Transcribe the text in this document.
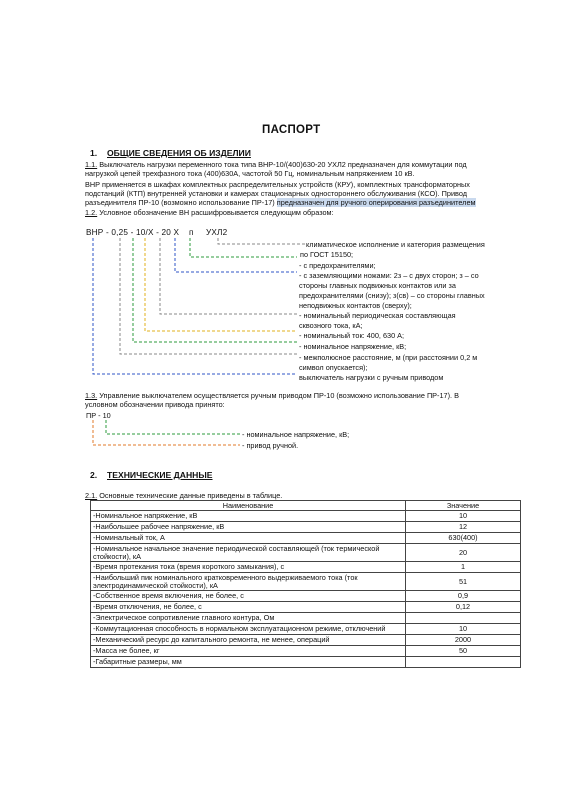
ПАСПОРТ
1. ОБЩИЕ СВЕДЕНИЯ ОБ ИЗДЕЛИИ
1.1. Выключатель нагрузки переменного тока типа ВНР-10/(400)630-20 УХЛ2 предназначен для коммутации под
нагрузкой цепей трехфазного тока (400)630А, частотой 50 Гц, номинальным напряжением 10 кВ.
ВНР применяется в шкафах комплектных распределительных устройств (КРУ), комплектных трансформаторных
подстанций (КТП) внутренней установки и камерах стационарных одностороннего обслуживания (КСО). Привод
разъединителя ПР-10 (возможно использование ПР-17) предназначен для ручного оперирования разъединителем
1.2. Условное обозначение ВН расшифровывается следующим образом:
ВНР - 0,25 - 10/Х - 20 Х п УХЛ2
климатическое исполнение и категория размещения
по ГОСТ 15150;
- с предохранителями;
- с заземляющими ножами: 2з – с двух сторон; з – со
стороны главных подвижных контактов или за
предохранителями (снизу); з(св) – со стороны главных
неподвижных контактов (сверху);
- номинальный периодическая составляющая
сквозного тока, кА;
- номинальный ток: 400, 630 А;
- номинальное напряжение, кВ;
- межполюсное расстояние, м (при расстоянии 0,2 м
символ опускается);
выключатель нагрузки с ручным приводом
1.3. Управление выключателем осуществляется ручным приводом ПР-10 (возможно использование ПР-17). В
условном обозначении привода принято:
ПР - 10
- номинальное напряжение, кВ;
- привод ручной.
2. ТЕХНИЧЕСКИЕ ДАННЫЕ
2.1. Основные технические данные приведены в таблице.
Наименование	Значение
-Номинальное напряжение, кВ	10
-Наибольшее рабочее напряжение, кВ	12
-Номинальный ток, А	630(400)
-Номинальное начальное значение периодической составляющей (ток термической стойкости), кА	20
-Время протекания тока (время короткого замыкания), с	1
-Наибольший пик номинального кратковременного выдерживаемого тока (ток электродинамической стойкости), кА	51
-Собственное время включения, не более, с	0,9
-Время отключения, не более, с	0,12
-Электрическое сопротивление главного контура, Ом	
-Коммутационная способность в нормальном эксплуатационном режиме, отключений	10
-Механический ресурс до капитального ремонта, не менее, операций	2000
-Масса не более, кг	50
-Габаритные размеры, мм	
